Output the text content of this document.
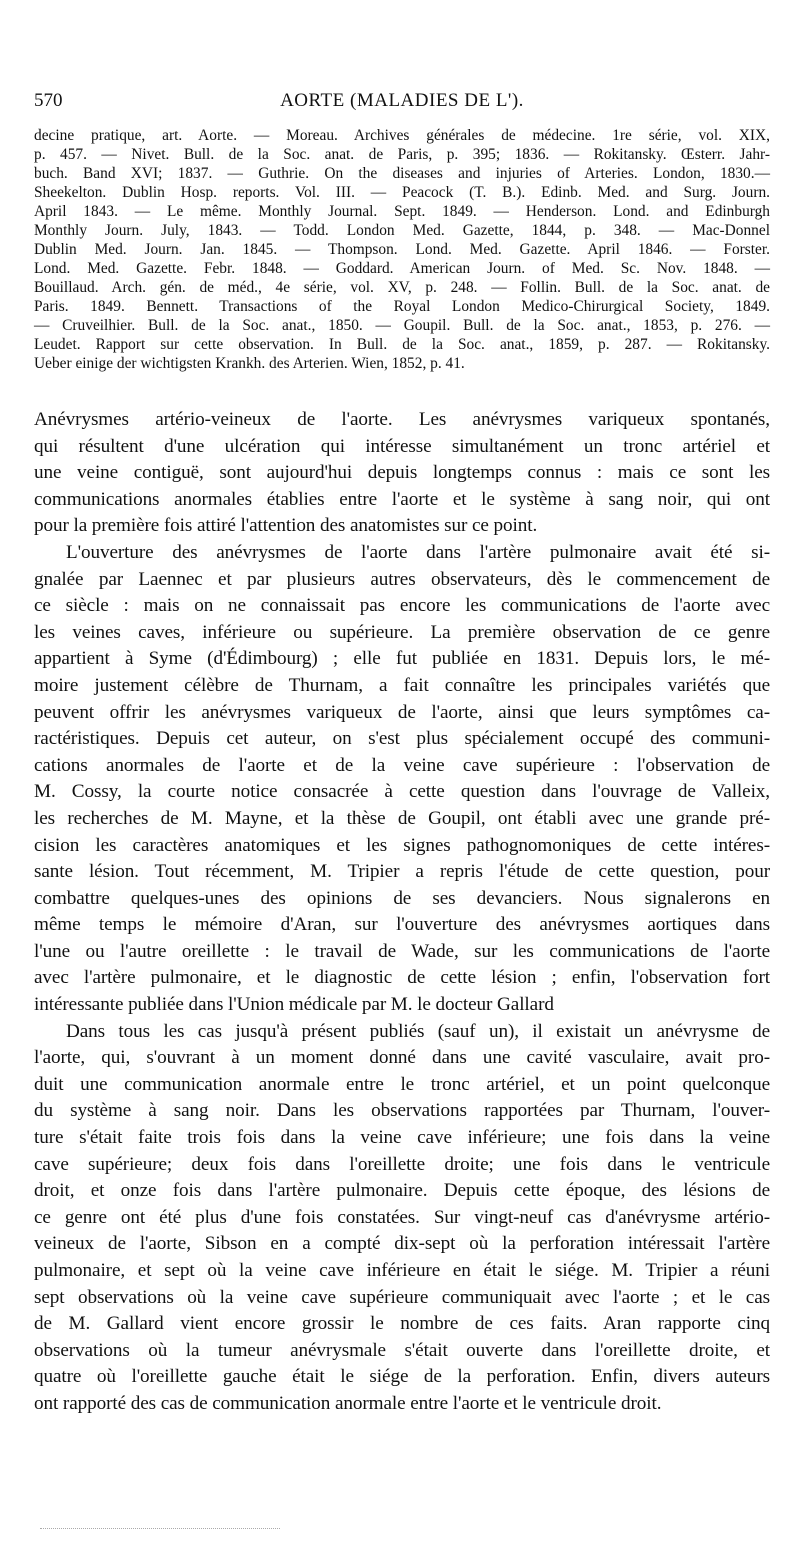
570	AORTE (MALADIES DE L').
decine pratique, art. Aorte. — Moreau. Archives générales de médecine. 1re série, vol. XIX,
p. 457. — Nivet. Bull. de la Soc. anat. de Paris, p. 395; 1836. — Rokitansky. Œsterr. Jahr-
buch. Band XVI; 1837. — Guthrie. On the diseases and injuries of Arteries. London, 1830.—
Sheekelton. Dublin Hosp. reports. Vol. III. — Peacock (T. B.). Edinb. Med. and Surg. Journ.
April 1843. — Le même. Monthly Journal. Sept. 1849. — Henderson. Lond. and Edinburgh
Monthly Journ. July, 1843. — Todd. London Med. Gazette, 1844, p. 348. — Mac-Donnel
Dublin Med. Journ. Jan. 1845. — Thompson. Lond. Med. Gazette. April 1846. — Forster.
Lond. Med. Gazette. Febr. 1848. — Goddard. American Journ. of Med. Sc. Nov. 1848. —
Bouillaud. Arch. gén. de méd., 4e série, vol. XV, p. 248. — Follin. Bull. de la Soc. anat. de
Paris. 1849. Bennett. Transactions of the Royal London Medico-Chirurgical Society, 1849.
— Cruveilhier. Bull. de la Soc. anat., 1850. — Goupil. Bull. de la Soc. anat., 1853, p. 276. —
Leudet. Rapport sur cette observation. In Bull. de la Soc. anat., 1859, p. 287. — Rokitansky.
Ueber einige der wichtigsten Krankh. des Arterien. Wien, 1852, p. 41.
Anévrysmes artério-veineux de l'aorte. Les anévrysmes variqueux spontanés,
qui résultent d'une ulcération qui intéresse simultanément un tronc artériel et
une veine contiguë, sont aujourd'hui depuis longtemps connus : mais ce sont les
communications anormales établies entre l'aorte et le système à sang noir, qui ont
pour la première fois attiré l'attention des anatomistes sur ce point.
L'ouverture des anévrysmes de l'aorte dans l'artère pulmonaire avait été si-
gnalée par Laennec et par plusieurs autres observateurs, dès le commencement de
ce siècle : mais on ne connaissait pas encore les communications de l'aorte avec
les veines caves, inférieure ou supérieure. La première observation de ce genre
appartient à Syme (d'Édimbourg) ; elle fut publiée en 1831. Depuis lors, le mé-
moire justement célèbre de Thurnam, a fait connaître les principales variétés que
peuvent offrir les anévrysmes variqueux de l'aorte, ainsi que leurs symptômes ca-
ractéristiques. Depuis cet auteur, on s'est plus spécialement occupé des communi-
cations anormales de l'aorte et de la veine cave supérieure : l'observation de
M. Cossy, la courte notice consacrée à cette question dans l'ouvrage de Valleix,
les recherches de M. Mayne, et la thèse de Goupil, ont établi avec une grande pré-
cision les caractères anatomiques et les signes pathognomoniques de cette intéres-
sante lésion. Tout récemment, M. Tripier a repris l'étude de cette question, pour
combattre quelques-unes des opinions de ses devanciers. Nous signalerons en
même temps le mémoire d'Aran, sur l'ouverture des anévrysmes aortiques dans
l'une ou l'autre oreillette : le travail de Wade, sur les communications de l'aorte
avec l'artère pulmonaire, et le diagnostic de cette lésion ; enfin, l'observation fort
intéressante publiée dans l'Union médicale par M. le docteur Gallard
Dans tous les cas jusqu'à présent publiés (sauf un), il existait un anévrysme de
l'aorte, qui, s'ouvrant à un moment donné dans une cavité vasculaire, avait pro-
duit une communication anormale entre le tronc artériel, et un point quelconque
du système à sang noir. Dans les observations rapportées par Thurnam, l'ouver-
ture s'était faite trois fois dans la veine cave inférieure; une fois dans la veine
cave supérieure; deux fois dans l'oreillette droite; une fois dans le ventricule
droit, et onze fois dans l'artère pulmonaire. Depuis cette époque, des lésions de
ce genre ont été plus d'une fois constatées. Sur vingt-neuf cas d'anévrysme artério-
veineux de l'aorte, Sibson en a compté dix-sept où la perforation intéressait l'artère
pulmonaire, et sept où la veine cave inférieure en était le siége. M. Tripier a réuni
sept observations où la veine cave supérieure communiquait avec l'aorte ; et le cas
de M. Gallard vient encore grossir le nombre de ces faits. Aran rapporte cinq
observations où la tumeur anévrysmale s'était ouverte dans l'oreillette droite, et
quatre où l'oreillette gauche était le siége de la perforation. Enfin, divers auteurs
ont rapporté des cas de communication anormale entre l'aorte et le ventricule droit.
